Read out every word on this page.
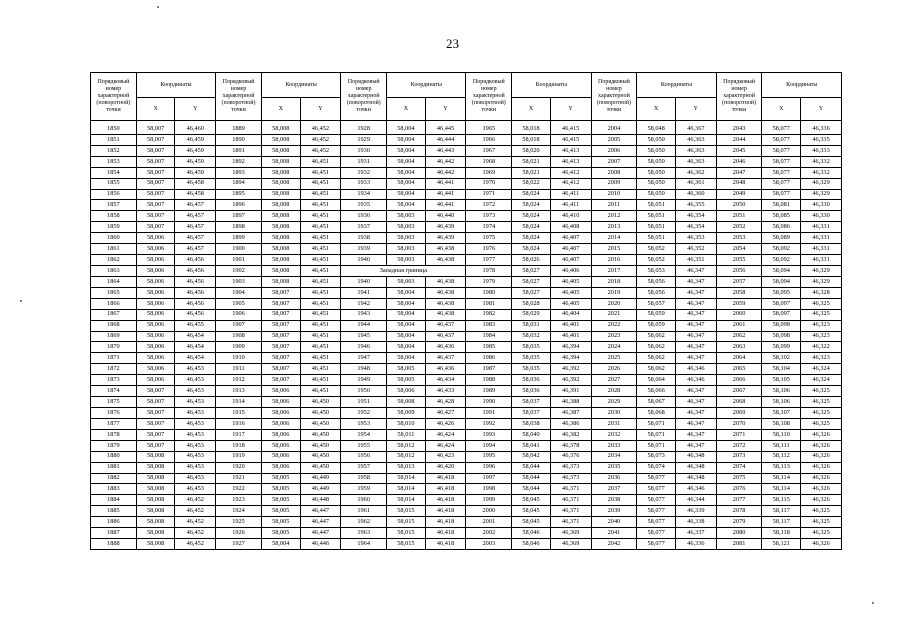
23
Порядковый номер характерной (поворотной) точки	Координаты		Порядковый номер характерной (поворотной) точки	Координаты		Порядковый номер характерной (поворотной) точки	Координаты		Порядковый номер характерной (поворотной) точки	Координаты		Порядковый номер характерной (поворотной) точки	Координаты		Порядковый номер характерной (поворотной) точки	Координаты	
	X	Y		X	Y		X	Y		X	Y		X	Y		X	Y
1850	58,007	46,460	1889	58,008	46,452	1928	58,004	46,445	1965	58,018	46,415	2004	58,048	46,367	2043	58,077	46,336
1851	58,007	46,459	1890	58,008	46,452	1929	58,004	46,444	1966	58,018	46,415	2005	58,050	46,363	2044	58,077	46,335
1852	58,007	46,459	1891	58,008	46,452	1930	58,004	46,443	1967	58,020	46,413	2006	58,050	46,363	2045	58,077	46,333
1853	58,007	46,459	1892	58,008	46,451	1931	58,004	46,442	1968	58,021	46,413	2007	58,050	46,363	2046	58,077	46,332
1854	58,007	46,459	1893	58,008	46,451	1932	58,004	46,442	1969	58,021	46,412	2008	58,050	46,362	2047	58,077	46,332
1855	58,007	46,458	1894	58,008	46,451	1933	58,004	46,441	1970	58,022	46,412	2009	58,050	46,361	2048	58,077	46,329
1856	58,007	46,458	1895	58,008	46,451	1934	58,004	46,441	1971	58,024	46,411	2010	58,050	46,360	2049	58,077	46,329
1857	58,007	46,457	1896	58,008	46,451	1935	58,004	46,441	1972	58,024	46,411	2011	58,051	46,355	2050	58,081	46,330
1858	58,007	46,457	1897	58,008	46,451	1936	58,003	46,440	1973	58,024	46,410	2012	58,051	46,354	2051	58,085	46,330
1859	58,007	46,457	1898	58,008	46,451	1937	58,003	46,439	1974	58,024	46,408	2013	58,051	46,354	2052	58,086	46,331
1860	58,006	46,457	1899	58,008	46,451	1938	58,003	46,439	1975	58,024	46,407	2014	58,051	46,353	2053	58,089	46,331
1861	58,006	46,457	1900	58,008	46,451	1939	58,003	46,438	1976	58,024	46,407	2015	58,052	46,352	2054	58,092	46,331
1862	58,006	46,456	1901	58,008	46,451	1940	58,003	46,438	1977	58,026	46,407	2016	58,052	46,351	2055	58,092	46,331
1863	58,006	46,456	1902	58,008	46,451	Западная граница			1978	58,027	46,406	2017	58,053	46,347	2056	58,094	46,329
1864	58,006	46,456	1903	58,008	46,451	1940	58,003	46,438	1979	58,027	46,405	2018	58,056	46,347	2057	58,094	46,329
1865	58,006	46,456	1904	58,007	46,451	1941	58,004	46,438	1980	58,027	46,405	2019	58,056	46,347	2058	58,095	46,328
1866	58,006	46,456	1905	58,007	46,451	1942	58,004	46,438	1981	58,028	46,405	2020	58,057	46,347	2059	58,097	46,325
1867	58,006	46,456	1906	58,007	46,451	1943	58,004	46,438	1982	58,029	46,404	2021	58,059	46,347	2060	58,097	46,325
1868	58,006	46,455	1907	58,007	46,451	1944	58,004	46,437	1983	58,031	46,401	2022	58,059	46,347	2061	58,098	46,323
1869	58,006	46,454	1908	58,007	46,451	1945	58,004	46,437	1984	58,032	46,401	2023	58,062	46,347	2062	58,098	46,323
1870	58,006	46,454	1909	58,007	46,451	1946	58,004	46,436	1985	58,035	46,394	2024	58,062	46,347	2063	58,099	46,322
1871	58,006	46,454	1910	58,007	46,451	1947	58,004	46,437	1986	58,035	46,394	2025	58,062	46,347	2064	58,102	46,323
1872	58,006	46,453	1911	58,007	46,451	1948	58,005	46,436	1987	58,035	46,392	2026	58,062	46,346	2065	58,104	46,324
1873	58,006	46,453	1912	58,007	46,451	1949	58,005	46,434	1988	58,036	46,392	2027	58,064	46,346	2066	58,105	46,324
1874	58,007	46,453	1913	58,006	46,451	1950	58,006	46,433	1989	58,036	46,391	2028	58,066	46,347	2067	58,106	46,325
1875	58,007	46,453	1914	58,006	46,450	1951	58,008	46,428	1990	58,037	46,388	2029	58,067	46,347	2068	58,106	46,325
1876	58,007	46,453	1915	58,006	46,450	1952	58,009	46,427	1991	58,037	46,387	2030	58,068	46,347	2069	58,107	46,325
1877	58,007	46,453	1916	58,006	46,450	1953	58,010	46,426	1992	58,038	46,386	2031	58,071	46,347	2070	58,108	46,325
1878	58,007	46,453	1917	58,006	46,450	1954	58,011	46,424	1993	58,040	46,382	2032	58,071	46,347	2071	58,110	46,326
1879	58,007	46,453	1918	58,006	46,450	1955	58,012	46,424	1994	58,041	46,378	2033	58,071	46,347	2072	58,111	46,326
1880	58,008	46,453	1919	58,006	46,450	1956	58,012	46,423	1995	58,042	46,376	2034	58,073	46,348	2073	58,112	46,326
1881	58,008	46,453	1920	58,006	46,450	1957	58,013	46,420	1996	58,044	46,373	2035	58,074	46,348	2074	58,113	46,326
1882	58,008	46,453	1921	58,005	46,449	1958	58,014	46,418	1997	58,044	46,373	2036	58,077	46,348	2075	58,114	46,326
1883	58,008	46,453	1922	58,005	46,449	1959	58,014	46,418	1998	58,044	46,371	2037	58,077	46,346	2076	58,114	46,326
1884	58,008	46,452	1923	58,005	46,448	1960	58,014	46,418	1999	58,045	46,371	2038	58,077	46,344	2077	58,115	46,326
1885	58,008	46,452	1924	58,005	46,447	1961	58,015	46,418	2000	58,045	46,371	2039	58,077	46,339	2078	58,117	46,325
1886	58,008	46,452	1925	58,005	46,447	1962	58,015	46,418	2001	58,045	46,371	2040	58,077	46,338	2079	58,117	46,325
1887	58,008	46,452	1926	58,005	46,447	1963	58,015	46,418	2002	58,046	46,369	2041	58,077	46,337	2080	58,118	46,325
1888	58,008	46,452	1927	58,004	46,446	1964	58,015	46,418	2003	58,046	46,369	2042	58,077	46,336	2081	58,121	46,326
